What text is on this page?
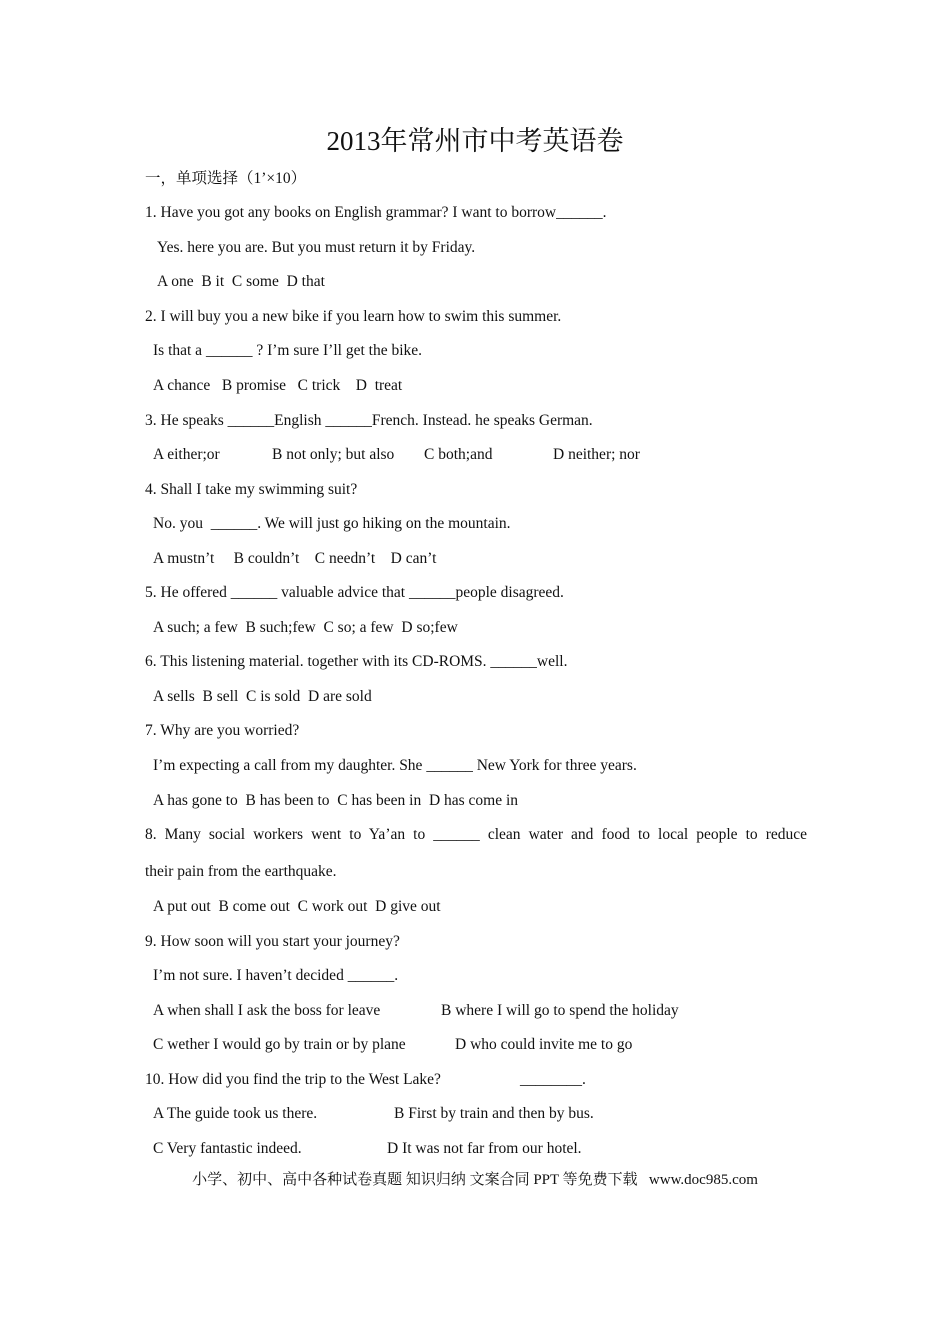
2013年常州市中考英语卷
一，单项选择（1’×10）
1. Have you got any books on English grammar? I want to borrow______.
Yes. here you are. But you must return it by Friday.
A one  B it  C some  D that
2. I will buy you a new bike if you learn how to swim this summer.
Is that a ______ ? I’m sure I’ll get the bike.
A chance   B promise   C trick    D  treat
3. He speaks ______English ______French. Instead. he speaks German.
A either;or	B not only; but also C both;and	D neither; nor
4. Shall I take my swimming suit?
No. you  ______. We will just go hiking on the mountain.
A mustn’t     B couldn’t    C needn’t    D can’t
5. He offered ______ valuable advice that ______people disagreed.
A such; a few  B such;few  C so; a few  D so;few
6. This listening material. together with its CD-ROMS. ______well.
A sells  B sell  C is sold  D are sold
7. Why are you worried?
I’m expecting a call from my daughter. She ______ New York for three years.
A has gone to  B has been to  C has been in  D has come in
8. Many social workers went to Ya’an to ______ clean water and food to local people to reduce
their pain from the earthquake.
A put out  B come out  C work out  D give out
9. How soon will you start your journey?
I’m not sure. I haven’t decided ______.
A when shall I ask the boss for leave	B where I will go to spend the holiday
C wether I would go by train or by plane	D who could invite me to go
10. How did you find the trip to the West Lake?	________.
A The guide took us there.	B First by train and then by bus.
C Very fantastic indeed.	D It was not far from our hotel.
小学、初中、高中各种试卷真题 知识归纳 文案合同 PPT 等免费下载   www.doc985.com
